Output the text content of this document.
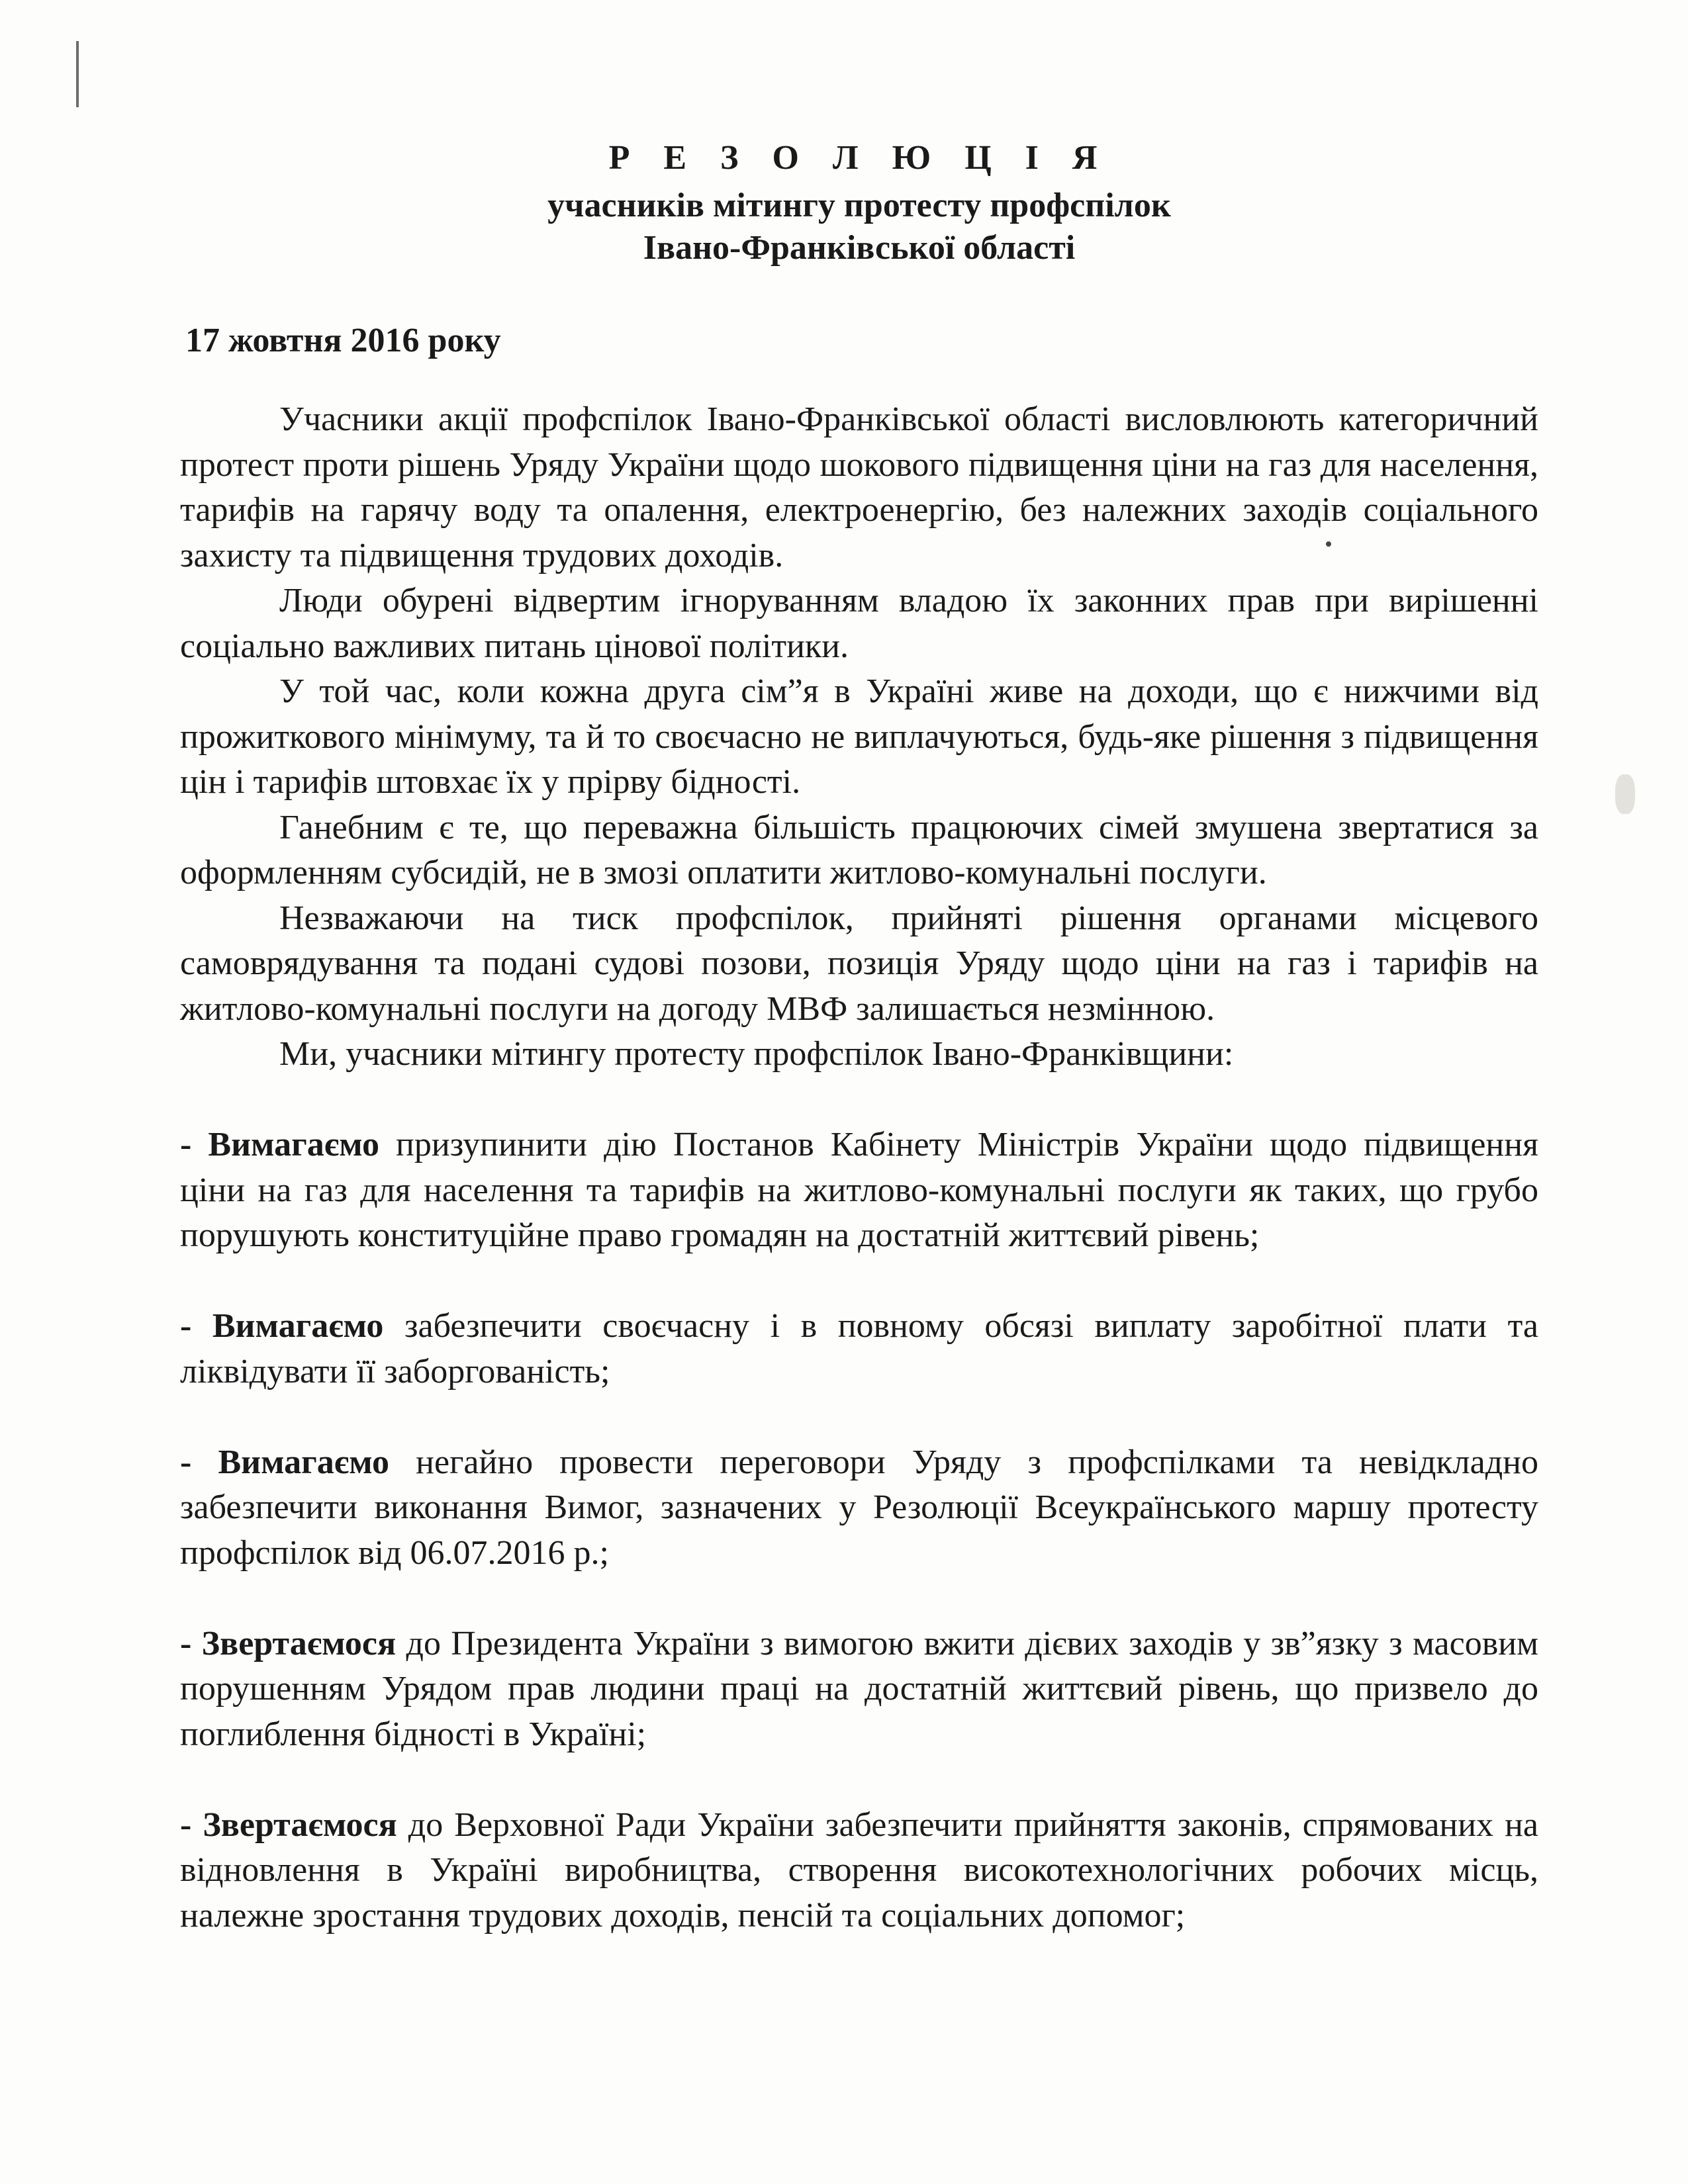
Р Е З О Л Ю Ц І Я
учасників мітингу протесту профспілок
Івано-Франківської області
17 жовтня 2016 року

Учасники акції профспілок Івано-Франківської області висловлюють категоричний протест проти рішень Уряду України щодо шокового підвищення ціни на газ для населення, тарифів на гарячу воду та опалення, електроенергію, без належних заходів соціального захисту та підвищення трудових доходів.

Люди обурені відвертим ігноруванням владою їх законних прав при вирішенні соціально важливих питань цінової політики.

У той час, коли кожна друга сім”я в Україні живе на доходи, що є нижчими від прожиткового мінімуму, та й то своєчасно не виплачуються, будь-яке рішення з підвищення цін і тарифів штовхає їх у прірву бідності.

Ганебним є те, що переважна більшість працюючих сімей змушена звертатися за оформленням субсидій, не в змозі оплатити житлово-комунальні послуги.

Незважаючи на тиск профспілок, прийняті рішення органами місцевого самоврядування та подані судові позови, позиція Уряду щодо ціни на газ і тарифів на житлово-комунальні послуги на догоду МВФ залишається незмінною.

Ми, учасники мітингу протесту профспілок Івано-Франківщини:

- Вимагаємо призупинити дію Постанов Кабінету Міністрів України щодо підвищення ціни на газ для населення та тарифів на житлово-комунальні послуги як таких, що грубо порушують конституційне право громадян на достатній життєвий рівень;

- Вимагаємо забезпечити своєчасну і в повному обсязі виплату заробітної плати та ліквідувати її заборгованість;

- Вимагаємо негайно провести переговори Уряду з профспілками та невідкладно забезпечити виконання Вимог, зазначених у Резолюції Всеукраїнського маршу протесту профспілок від 06.07.2016 р.;

- Звертаємося до Президента України з вимогою вжити дієвих заходів у зв”язку з масовим порушенням Урядом прав людини праці на достатній життєвий рівень, що призвело до поглиблення бідності в Україні;

- Звертаємося до Верховної Ради України забезпечити прийняття законів, спрямованих на відновлення в Україні виробництва, створення високотехнологічних робочих місць, належне зростання трудових доходів, пенсій та соціальних допомог;
